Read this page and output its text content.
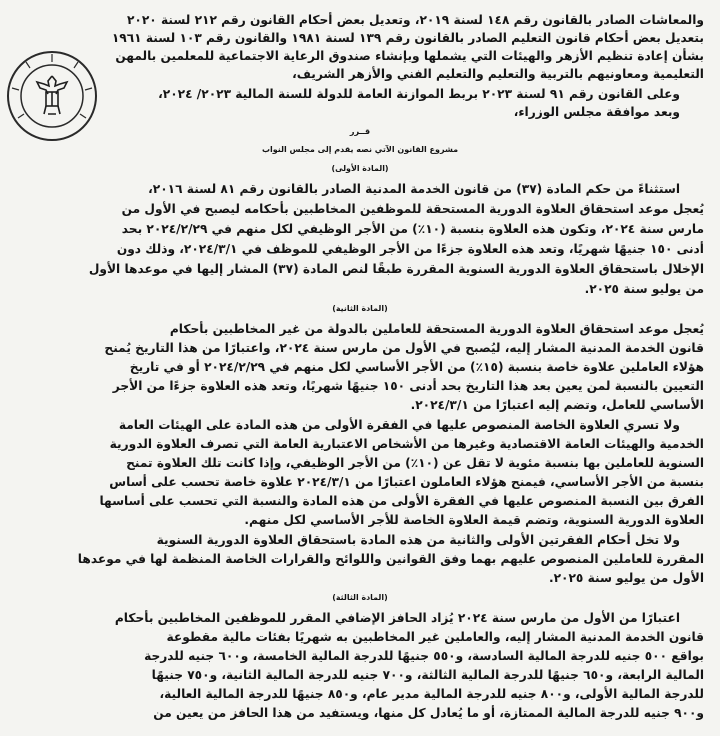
والمعاشات الصادر بالقانون رقم ١٤٨ لسنة ٢٠١٩، وتعديل بعض أحكام القانون رقم ٢١٢ لسنة ٢٠٢٠
بتعديل بعض أحكام قانون التعليم الصادر بالقانون رقم ١٣٩ لسنة ١٩٨١ والقانون رقم ١٠٣ لسنة ١٩٦١
بشأن إعادة تنظيم الأزهر والهيئات التي يشملها وبإنشاء صندوق الرعاية الاجتماعية للمعلمين بالمهن
التعليمية ومعاونيهم بالتربية والتعليم والتعليم الفني والأزهر الشريف،
وعلى القانون رقم ٩١ لسنة ٢٠٢٣ بربط الموازنة العامة للدولة للسنة المالية ٢٠٢٣/ ٢٠٢٤،
وبعد موافقة مجلس الوزراء،
قــرر
مشروع القانون الآتي نصه يقدم إلى مجلس النواب
(المادة الأولى)
استثناءً من حكم المادة (٣٧) من قانون الخدمة المدنية الصادر بالقانون رقم ٨١ لسنة ٢٠١٦،
يُعجل موعد استحقاق العلاوة الدورية المستحقة للموظفين المخاطبين بأحكامه ليصبح في الأول من
مارس سنة ٢٠٢٤، وتكون هذه العلاوة بنسبة (١٠٪) من الأجر الوظيفي لكل منهم في ٢٠٢٤/٢/٢٩ بحد
أدنى ١٥٠ جنيهًا شهريًا، وتعد هذه العلاوة جزءًا من الأجر الوظيفي للموظف في ٢٠٢٤/٣/١، وذلك دون
الإخلال باستحقاق العلاوة الدورية السنوية المقررة طبقًا لنص المادة (٣٧) المشار إليها في موعدها الأول
من يوليو سنة ٢٠٢٥.
(المادة الثانية)
يُعجل موعد استحقاق العلاوة الدورية المستحقة للعاملين بالدولة من غير المخاطبين بأحكام
قانون الخدمة المدنية المشار إليه، ليُصبح في الأول من مارس سنة ٢٠٢٤، واعتبارًا من هذا التاريخ يُمنح
هؤلاء العاملين علاوة خاصة بنسبة (١٥٪) من الأجر الأساسي لكل منهم في ٢٠٢٤/٢/٢٩ أو في تاريخ
التعيين بالنسبة لمن يعين بعد هذا التاريخ بحد أدنى ١٥٠ جنيهًا شهريًا، وتعد هذه العلاوة جزءًا من الأجر
الأساسي للعامل، وتضم إليه اعتبارًا من ٢٠٢٤/٣/١.
ولا تسري العلاوة الخاصة المنصوص عليها في الفقرة الأولى من هذه المادة على الهيئات العامة
الخدمية والهيئات العامة الاقتصادية وغيرها من الأشخاص الاعتبارية العامة التي تصرف العلاوة الدورية
السنوية للعاملين بها بنسبة مئوية لا تقل عن (١٠٪) من الأجر الوظيفي، وإذا كانت تلك العلاوة تمنح
بنسبة من الأجر الأساسي، فيمنح هؤلاء العاملون اعتبارًا من ٢٠٢٤/٣/١ علاوة خاصة تحسب على أساس
الفرق بين النسبة المنصوص عليها في الفقرة الأولى من هذه المادة والنسبة التي تحسب على أساسها
العلاوة الدورية السنوية، وتضم قيمة العلاوة الخاصة للأجر الأساسي لكل منهم.
ولا تخل أحكام الفقرتين الأولى والثانية من هذه المادة باستحقاق العلاوة الدورية السنوية
المقررة للعاملين المنصوص عليهم بهما وفق القوانين واللوائح والقرارات الخاصة المنظمة لها في موعدها
الأول من يوليو سنة ٢٠٢٥.
(المادة الثالثة)
اعتبارًا من الأول من مارس سنة ٢٠٢٤ يُزاد الحافز الإضافي المقرر للموظفين المخاطبين بأحكام
قانون الخدمة المدنية المشار إليه، والعاملين غير المخاطبين به شهريًا بفئات مالية مقطوعة
بواقع ٥٠٠ جنيه للدرجة المالية السادسة، و٥٥٠ جنيهًا للدرجة المالية الخامسة، و٦٠٠ جنيه للدرجة
المالية الرابعة، و٦٥٠ جنيهًا للدرجة المالية الثالثة، و٧٠٠ جنيه للدرجة المالية الثانية، و٧٥٠ جنيهًا
للدرجة المالية الأولى، و٨٠٠ جنيه للدرجة المالية مدير عام، و٨٥٠ جنيهًا للدرجة المالية العالية،
و٩٠٠ جنيه للدرجة المالية الممتازة، أو ما يُعادل كل منها، ويستفيد من هذا الحافز من يعين من
